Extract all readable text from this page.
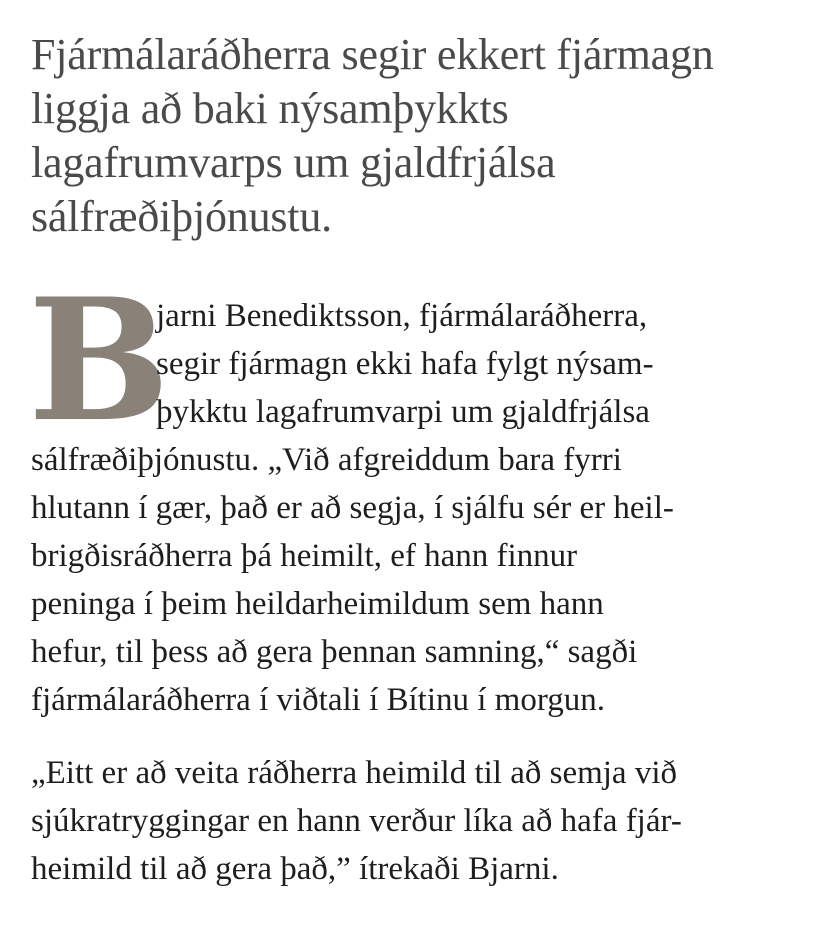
Fjármálaráðherra segir ekkert fjármagn
liggja að baki nýsamþykkts
lagafrumvarps um gjaldfrjálsa
sálfræðiþjónustu.
B

jarni Benediktsson, fjármálaráðherra,
segir fjármagn ekki hafa fylgt nýsam-
þykktu lagafrumvarpi um gjaldfrjálsa
sálfræðiþjónustu. „Við afgreiddum bara fyrri
hlutann í gær, það er að segja, í sjálfu sér er heil-
brigðisráðherra þá heimilt, ef hann finnur
peninga í þeim heildarheimildum sem hann
hefur, til þess að gera þennan samning,“ sagði
fjármálaráðherra í viðtali í Bítinu í morgun.

„Eitt er að veita ráðherra heimild til að semja við
sjúkratryggingar en hann verður líka að hafa fjár-
heimild til að gera það,” ítrekaði Bjarni.
